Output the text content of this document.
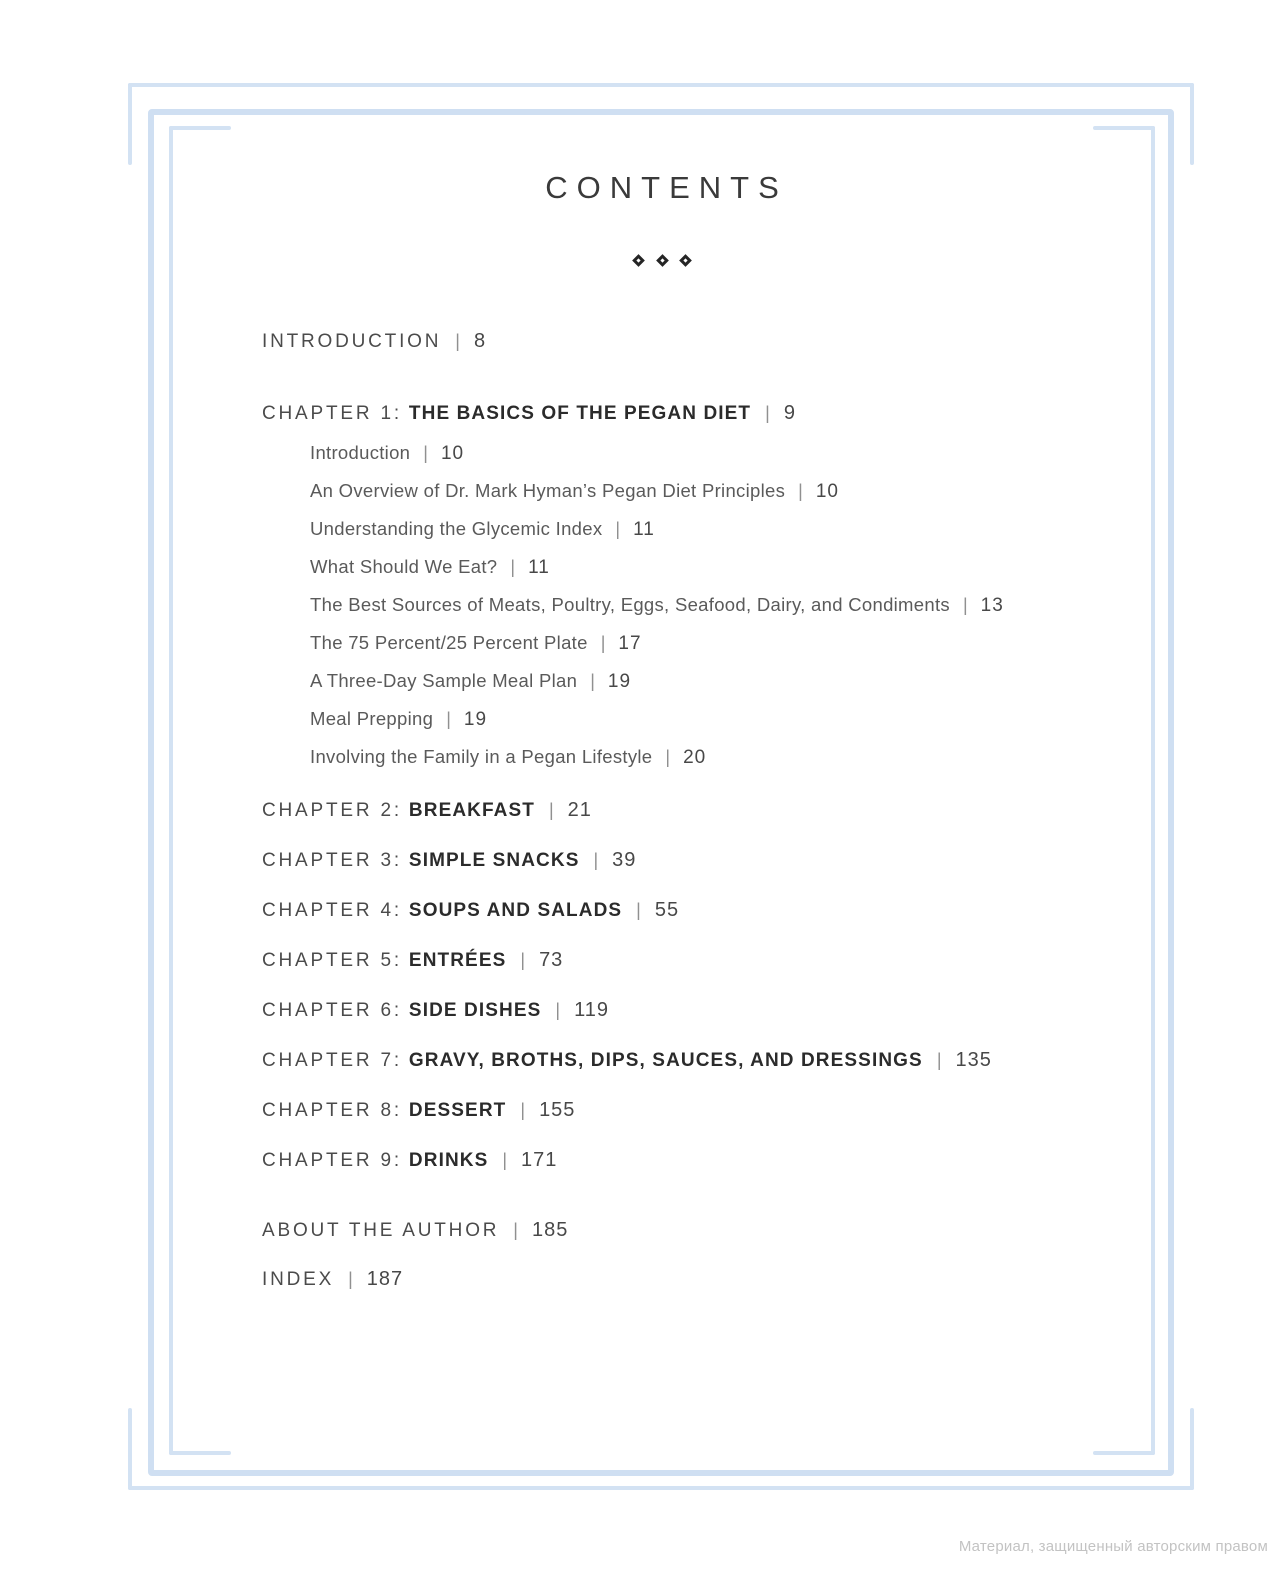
CONTENTS

INTRODUCTION | 8
CHAPTER 1: THE BASICS OF THE PEGAN DIET | 9
Introduction | 10
An Overview of Dr. Mark Hyman’s Pegan Diet Principles | 10
Understanding the Glycemic Index | 11
What Should We Eat? | 11
The Best Sources of Meats, Poultry, Eggs, Seafood, Dairy, and Condiments | 13
The 75 Percent/25 Percent Plate | 17
A Three-Day Sample Meal Plan | 19
Meal Prepping | 19
Involving the Family in a Pegan Lifestyle | 20
CHAPTER 2: BREAKFAST | 21
CHAPTER 3: SIMPLE SNACKS | 39
CHAPTER 4: SOUPS AND SALADS | 55
CHAPTER 5: ENTRÉES | 73
CHAPTER 6: SIDE DISHES | 119
CHAPTER 7: GRAVY, BROTHS, DIPS, SAUCES, AND DRESSINGS | 135
CHAPTER 8: DESSERT | 155
CHAPTER 9: DRINKS | 171
ABOUT THE AUTHOR | 185
INDEX | 187
Материал, защищенный авторским правом
